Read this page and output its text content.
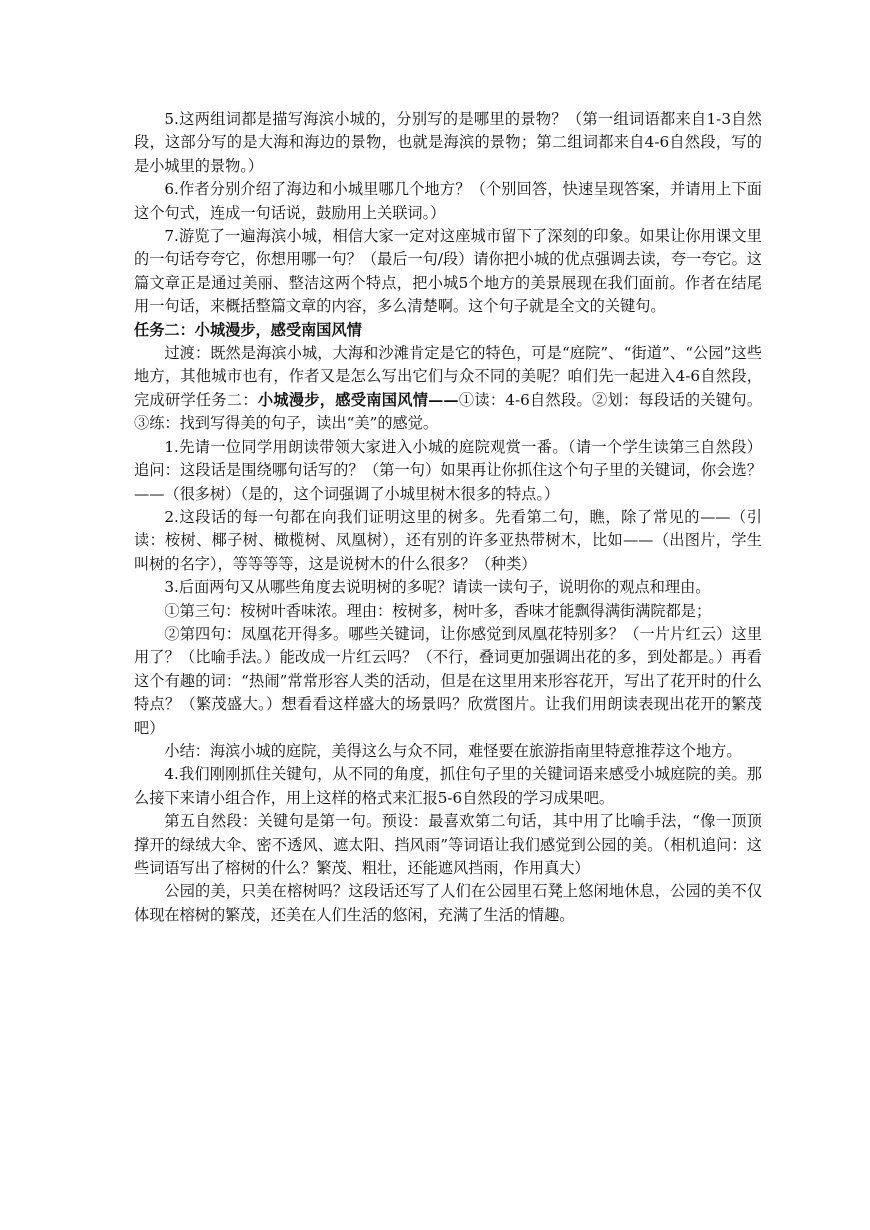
5.这两组词都是描写海滨小城的，分别写的是哪里的景物？（第一组词语都来自1-3自然段，这部分写的是大海和海边的景物，也就是海滨的景物；第二组词都来自4-6自然段，写的是小城里的景物。）

6.作者分别介绍了海边和小城里哪几个地方？（个别回答，快速呈现答案，并请用上下面这个句式，连成一句话说，鼓励用上关联词。）

7.游览了一遍海滨小城，相信大家一定对这座城市留下了深刻的印象。如果让你用课文里的一句话夸夸它，你想用哪一句？（最后一句/段）请你把小城的优点强调去读，夸一夸它。这篇文章正是通过美丽、整洁这两个特点，把小城5个地方的美景展现在我们面前。作者在结尾用一句话，来概括整篇文章的内容，多么清楚啊。这个句子就是全文的关键句。

任务二：小城漫步，感受南国风情

过渡：既然是海滨小城，大海和沙滩肯定是它的特色，可是“庭院”、“街道”、“公园”这些地方，其他城市也有，作者又是怎么写出它们与众不同的美呢？咱们先一起进入4-6自然段，完成研学任务二：小城漫步，感受南国风情——①读：4-6自然段。②划：每段话的关键句。③练：找到写得美的句子，读出“美”的感觉。

1.先请一位同学用朗读带领大家进入小城的庭院观赏一番。（请一个学生读第三自然段）追问：这段话是围绕哪句话写的？（第一句）如果再让你抓住这个句子里的关键词，你会选？——（很多树）（是的，这个词强调了小城里树木很多的特点。）

2.这段话的每一句都在向我们证明这里的树多。先看第二句，瞧，除了常见的——（引读：桉树、椰子树、橄榄树、凤凰树），还有别的许多亚热带树木，比如——（出图片，学生叫树的名字），等等等等，这是说树木的什么很多？（种类）

3.后面两句又从哪些角度去说明树的多呢？请读一读句子，说明你的观点和理由。

①第三句：桉树叶香味浓。理由：桉树多，树叶多，香味才能飘得满街满院都是；

②第四句：凤凰花开得多。哪些关键词，让你感觉到凤凰花特别多？（一片片红云）这里用了？（比喻手法。）能改成一片红云吗？（不行，叠词更加强调出花的多，到处都是。）再看这个有趣的词：“热闹”常常形容人类的活动，但是在这里用来形容花开，写出了花开时的什么特点？（繁茂盛大。）想看看这样盛大的场景吗？欣赏图片。让我们用朗读表现出花开的繁茂吧）

小结：海滨小城的庭院，美得这么与众不同，难怪要在旅游指南里特意推荐这个地方。

4.我们刚刚抓住关键句，从不同的角度，抓住句子里的关键词语来感受小城庭院的美。那么接下来请小组合作，用上这样的格式来汇报5-6自然段的学习成果吧。

第五自然段：关键句是第一句。预设：最喜欢第二句话，其中用了比喻手法，“像一顶顶撑开的绿绒大伞、密不透风、遮太阳、挡风雨”等词语让我们感觉到公园的美。（相机追问：这些词语写出了榕树的什么？繁茂、粗壮，还能遮风挡雨，作用真大）

公园的美，只美在榕树吗？这段话还写了人们在公园里石凳上悠闲地休息，公园的美不仅体现在榕树的繁茂，还美在人们生活的悠闲，充满了生活的情趣。
